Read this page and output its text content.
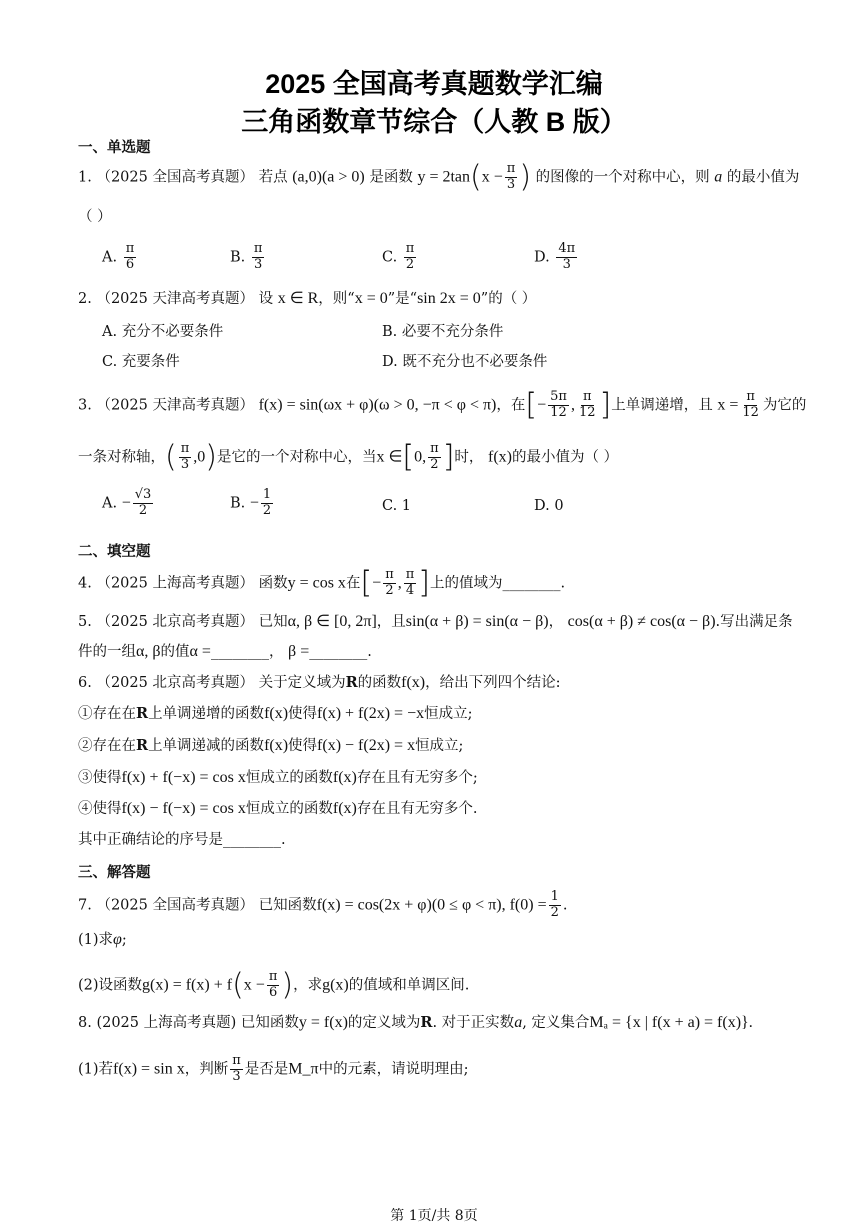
2025 全国高考真题数学汇编
三角函数章节综合（人教 B 版）
一、单选题
1. （2025 全国高考真题） 若点 (a,0)(a > 0) 是函数 $y = 2\tan(x - \frac{\pi}{3}$ ) 的图像的一个对称中心，则 a 的最小值为
（ ）
A. $\frac{\pi}{6}$	B. $\frac{\pi}{3}$	C. $\frac{\pi}{2}$	D. $\frac{4\pi}{3}$
2. （2025 天津高考真题） 设 x ∈ R，则“x = 0”是“sin 2x = 0”的（ ）
A. 充分不必要条件	B. 必要不充分条件
C. 充要条件	D. 既不充分也不必要条件
3. （2025 天津高考真题） f(x) = sin(ωx + φ)(ω > 0, −π < φ < π)，在[− $\frac{5\pi}{12}$ , $\frac{\pi}{12}$ ]上单调递增，且 $x = \frac{\pi}{12}$ 为它的
一条对称轴，( $\frac{\pi}{3} ,0$)是它的一个对称中心，当x ∈[0, $\frac{\pi}{2}$ ]时， f(x)的最小值为（ ）
A. − $\frac{√3}{2}$	B. − $\frac{1}{2}$	C. 1	D. 0
二、填空题
4. （2025 上海高考真题） 函数y = cos x在[− $\frac{\pi}{2}$ , $\frac{\pi}{4}$ ]上的值域为________.
5. （2025 北京高考真题） 已知α, β ∈ [0, 2π]，且sin(α + β) = sin(α − β)， cos(α + β) ≠ cos(α − β).写出满足条
件的一组α, β的值α =________， β =________.
6. （2025 北京高考真题） 关于定义域为R的函数f(x)，给出下列四个结论:
①存在在R上单调递增的函数f(x)使得f(x) + f(2x) = −x恒成立;
②存在在R上单调递减的函数f(x)使得f(x) − f(2x) = x恒成立;
③使得f(x) + f(−x) = cos x恒成立的函数f(x)存在且有无穷多个;
④使得f(x) − f(−x) = cos x恒成立的函数f(x)存在且有无穷多个.
其中正确结论的序号是________.
三、解答题
7. （2025 全国高考真题） 已知函数f(x) = cos(2x + φ)(0 ≤ φ < π), $f(0) = \frac{1}{2}$ .
(1)求φ;
(2)设函数$g(x) = f(x) + f(x - \frac{\pi}{6}$ )，求g(x)的值域和单调区间.
8. (2025 上海高考真题) 已知函数y = f(x)的定义域为R. 对于正实数a, 定义集合Mₐ = {x | f(x + a) = f(x)}.
(1)若f(x) = sin x，判断 $\frac{\pi}{3}$ 是否是M_π中的元素，请说明理由;
第 1页/共 8页
